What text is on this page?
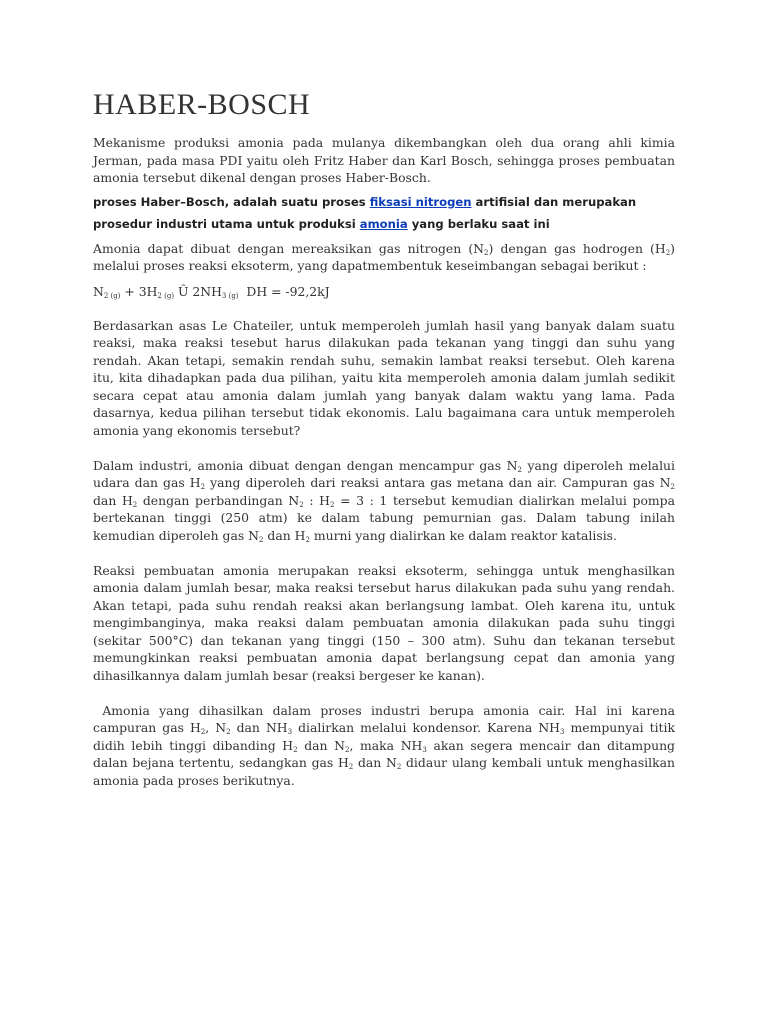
HABER-BOSCH

Mekanisme produksi amonia pada mulanya dikembangkan oleh dua orang ahli kimia Jerman, pada masa PDI yaitu oleh Fritz Haber dan Karl Bosch, sehingga proses pembuatan amonia tersebut dikenal dengan proses Haber-Bosch.

proses Haber–Bosch, adalah suatu proses fiksasi nitrogen artifisial dan merupakan prosedur industri utama untuk produksi amonia yang berlaku saat ini

Amonia dapat dibuat dengan mereaksikan gas nitrogen $(N_2)$ dengan gas hodrogen $(H_2)$ melalui proses reaksi eksoterm, yang dapatmembentuk keseimbangan sebagai berikut :

$N_{2 (g)} + 3H_{2 (g)}$ Û $2NH_{3 (g)}$  DH = -92,2kJ

Berdasarkan asas Le Chateiler, untuk memperoleh jumlah hasil yang banyak dalam suatu reaksi, maka reaksi tesebut harus dilakukan pada tekanan yang tinggi dan suhu yang rendah. Akan tetapi, semakin rendah suhu, semakin lambat reaksi tersebut. Oleh karena itu, kita dihadapkan pada dua pilihan, yaitu kita memperoleh amonia dalam jumlah sedikit secara cepat atau amonia dalam jumlah yang banyak dalam waktu yang lama. Pada dasarnya, kedua pilihan tersebut tidak ekonomis. Lalu bagaimana cara untuk memperoleh amonia yang ekonomis tersebut?

Dalam industri, amonia dibuat dengan dengan mencampur gas $N_2$ yang diperoleh melalui udara dan gas $H_2$ yang diperoleh dari reaksi antara gas metana dan air. Campuran gas $N_2$ dan $H_2$ dengan perbandingan $N_2$ : $H_2 = 3$ : 1 tersebut kemudian dialirkan melalui pompa bertekanan tinggi (250 atm) ke dalam tabung pemurnian gas. Dalam tabung inilah kemudian diperoleh gas $N_2$ dan $H_2$ murni yang dialirkan ke dalam reaktor katalisis.

Reaksi pembuatan amonia merupakan reaksi eksoterm, sehingga untuk menghasilkan amonia dalam jumlah besar, maka reaksi tersebut harus dilakukan pada suhu yang rendah. Akan tetapi, pada suhu rendah reaksi akan berlangsung lambat. Oleh karena itu, untuk mengimbanginya, maka reaksi dalam pembuatan amonia dilakukan pada suhu tinggi (sekitar 500°C) dan tekanan yang tinggi (150 – 300 atm). Suhu dan tekanan tersebut memungkinkan reaksi pembuatan amonia dapat berlangsung cepat dan amonia yang dihasilkannya dalam jumlah besar (reaksi bergeser ke kanan).

Amonia yang dihasilkan dalam proses industri berupa amonia cair. Hal ini karena campuran gas $H_2$, $N_2$ dan $NH_3$ dialirkan melalui kondensor. Karena $NH_3$ mempunyai titik didih lebih tinggi dibanding $H_2$ dan $N_2$, maka $NH_3$ akan segera mencair dan ditampung dalan bejana tertentu, sedangkan gas $H_2$ dan $N_2$ didaur ulang kembali untuk menghasilkan amonia pada proses berikutnya.
